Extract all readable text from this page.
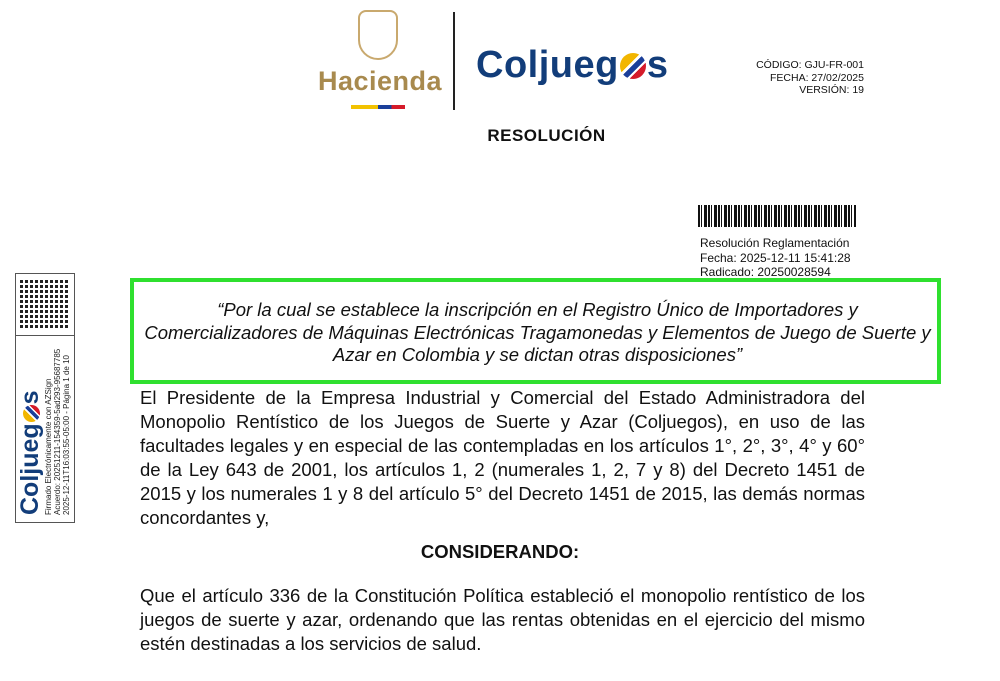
Hacienda Coljueg s	CÓDIGO: GJU-FR-001
FECHA: 27/02/2025
VERSIÓN: 19
RESOLUCIÓN
Resolución Reglamentación
Fecha: 2025-12-11 15:41:28
Radicado: 20250028594
“Por la cual se establece la inscripción en el Registro Único de Importadores y Comercializadores de Máquinas Electrónicas Tragamonedas y Elementos de Juego de Suerte y Azar en Colombia y se dictan otras disposiciones”
El Presidente de la Empresa Industrial y Comercial del Estado Administradora del Monopolio Rentístico de los Juegos de Suerte y Azar (Coljuegos), en uso de las facultades legales y en especial de las contempladas en los artículos 1°, 2°, 3°, 4° y 60° de la Ley 643 de 2001, los artículos 1, 2 (numerales 1, 2, 7 y 8) del Decreto 1451 de 2015 y los numerales 1 y 8 del artículo 5° del Decreto 1451 de 2015, las demás normas concordantes y,
CONSIDERANDO:
Que el artículo 336 de la Constitución Política estableció el monopolio rentístico de los juegos de suerte y azar, ordenando que las rentas obtenidas en el ejercicio del mismo estén destinadas a los servicios de salud.
Coljuegs Firmado Electrónicamente con AZSign Acuerdo: 20251211-154359-5ad293-95687785 2025-12-11T16:03:55-05:00 - Página 1 de 10
